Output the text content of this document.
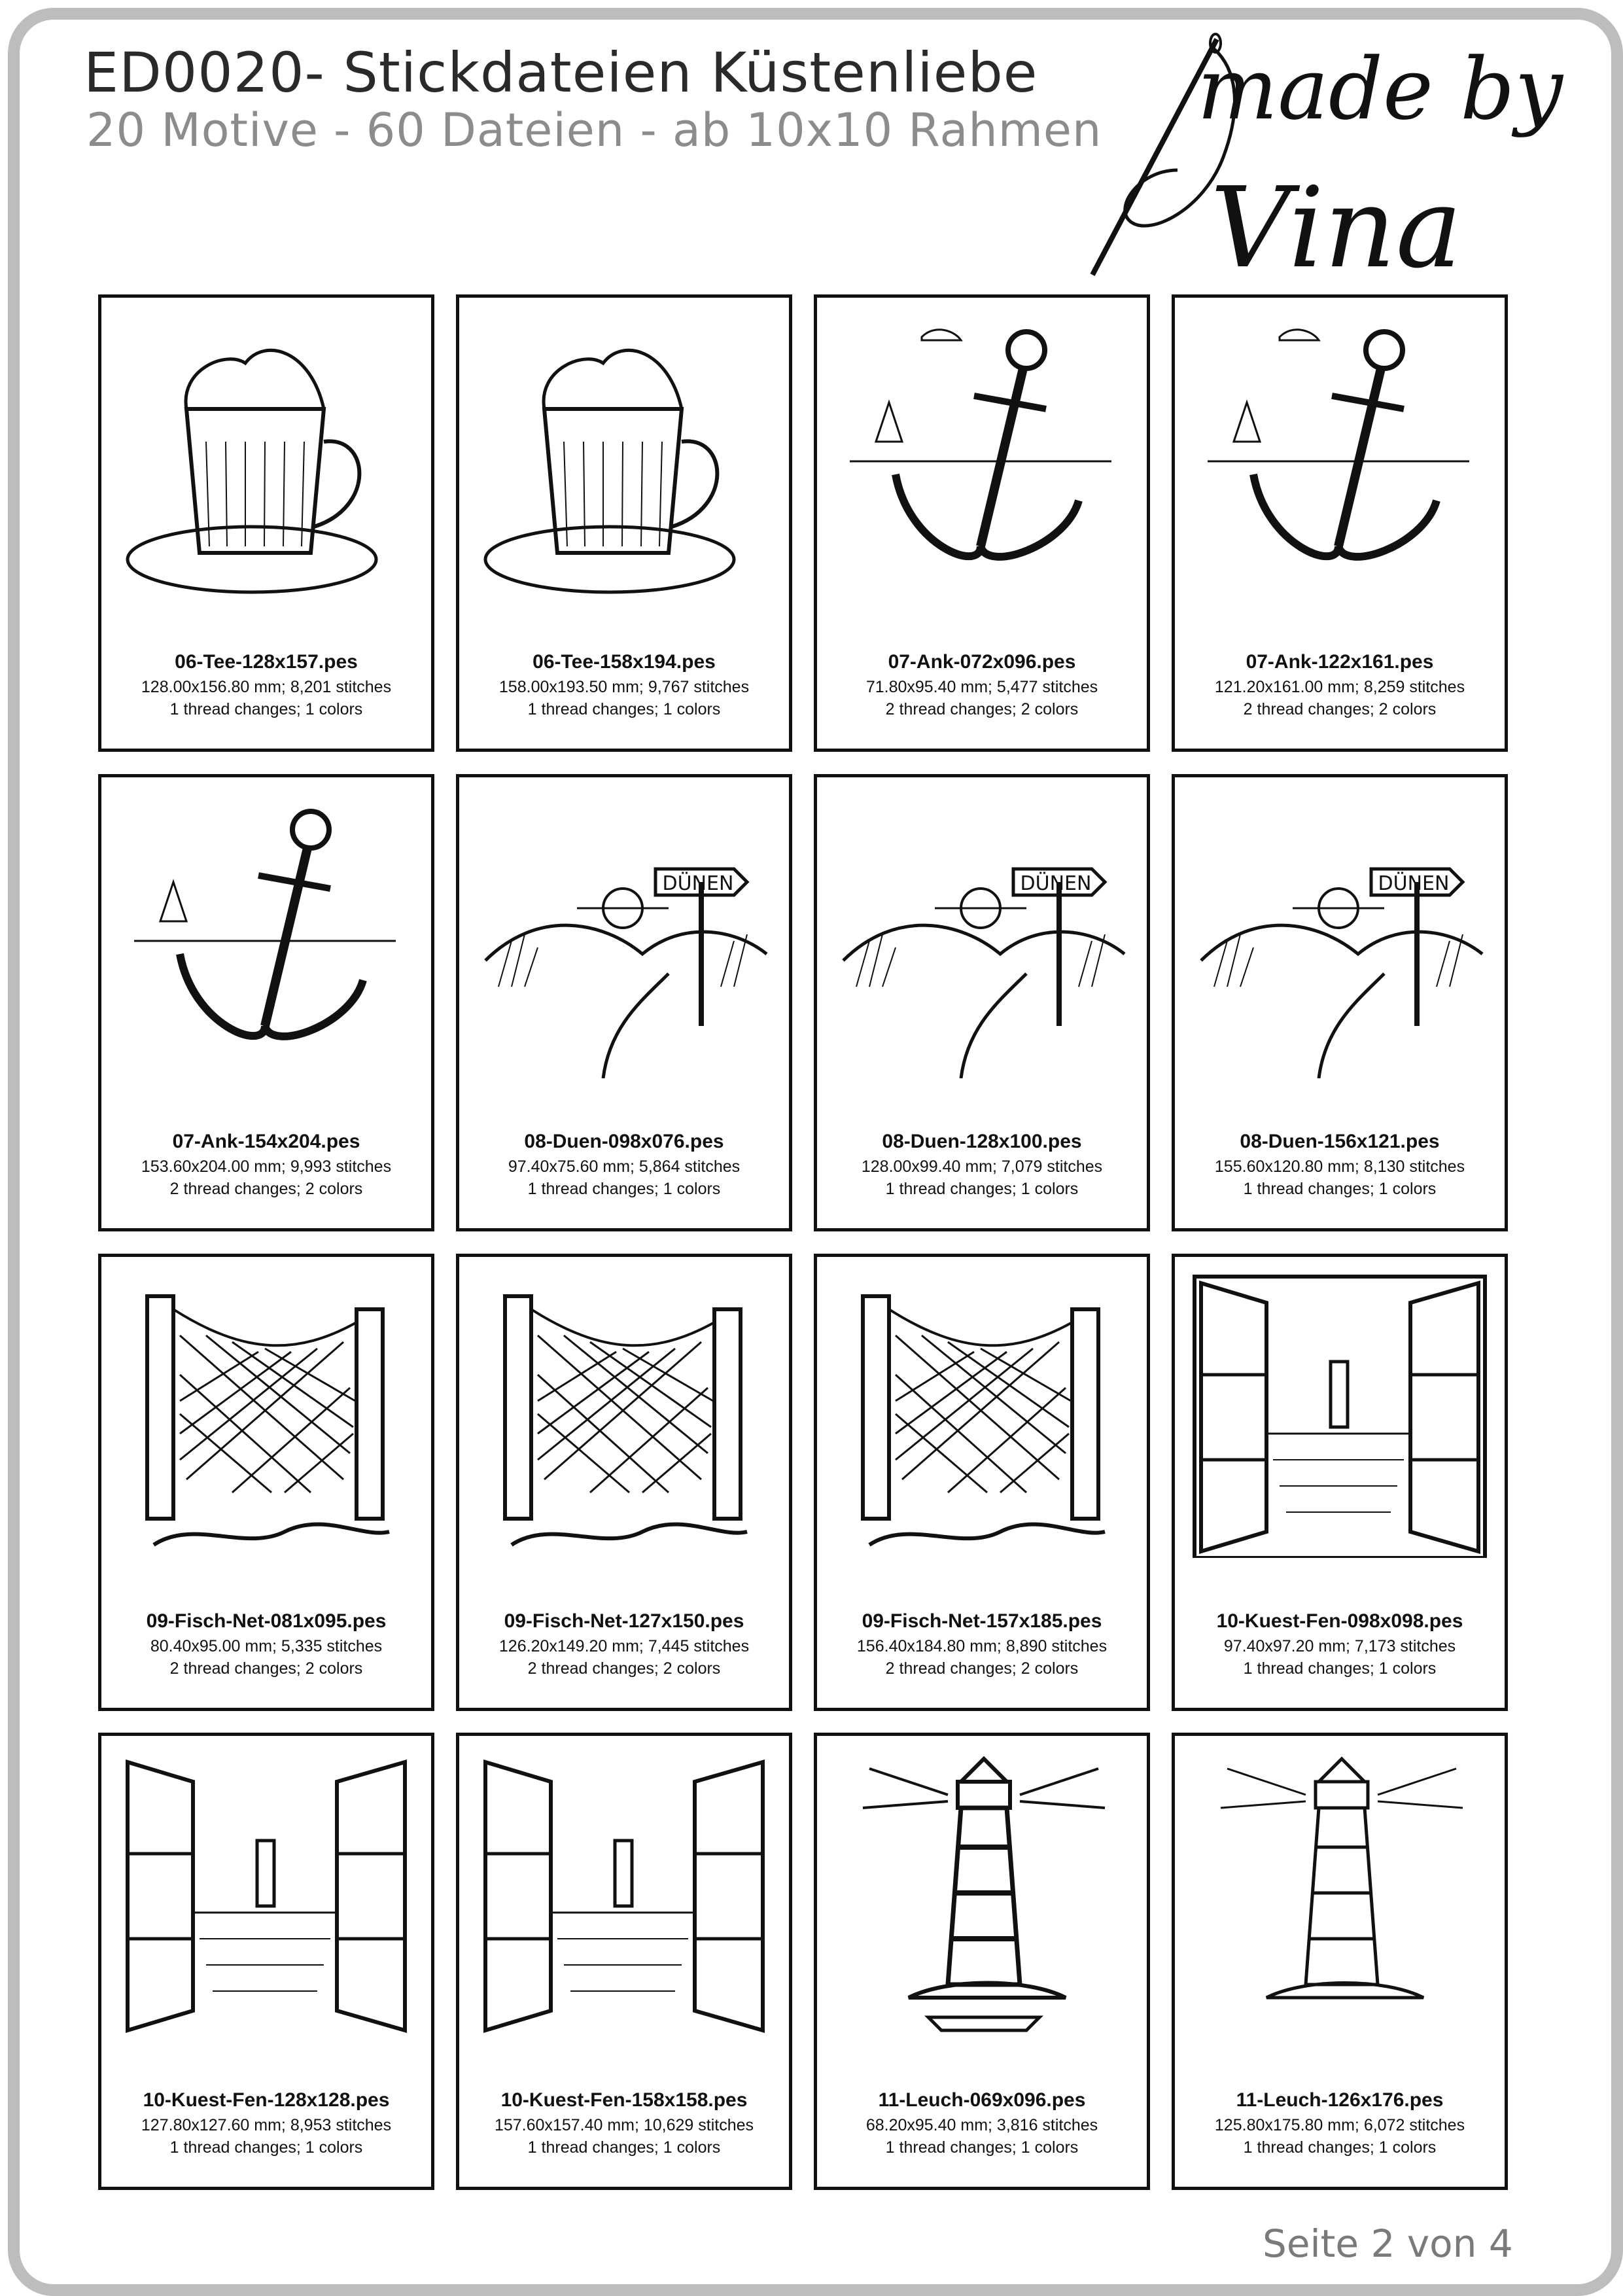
ED0020- Stickdateien Küstenliebe
20 Motive - 60 Dateien - ab 10x10 Rahmen made by
Vina
06-Tee-128x157.pes
128.00x156.80 mm; 8,201 stitches
1 thread changes; 1 colors
06-Tee-158x194.pes
158.00x193.50 mm; 9,767 stitches
1 thread changes; 1 colors
07-Ank-072x096.pes
71.80x95.40 mm; 5,477 stitches
2 thread changes; 2 colors
07-Ank-122x161.pes
121.20x161.00 mm; 8,259 stitches
2 thread changes; 2 colors
07-Ank-154x204.pes
153.60x204.00 mm; 9,993 stitches
2 thread changes; 2 colors
DÜNEN
08-Duen-098x076.pes
97.40x75.60 mm; 5,864 stitches
1 thread changes; 1 colors
DÜNEN
08-Duen-128x100.pes
128.00x99.40 mm; 7,079 stitches
1 thread changes; 1 colors
DÜNEN
08-Duen-156x121.pes
155.60x120.80 mm; 8,130 stitches
1 thread changes; 1 colors
09-Fisch-Net-081x095.pes
80.40x95.00 mm; 5,335 stitches
2 thread changes; 2 colors
09-Fisch-Net-127x150.pes
126.20x149.20 mm; 7,445 stitches
2 thread changes; 2 colors
09-Fisch-Net-157x185.pes
156.40x184.80 mm; 8,890 stitches
2 thread changes; 2 colors
10-Kuest-Fen-098x098.pes
97.40x97.20 mm; 7,173 stitches
1 thread changes; 1 colors
10-Kuest-Fen-128x128.pes
127.80x127.60 mm; 8,953 stitches
1 thread changes; 1 colors
10-Kuest-Fen-158x158.pes
157.60x157.40 mm; 10,629 stitches
1 thread changes; 1 colors
11-Leuch-069x096.pes
68.20x95.40 mm; 3,816 stitches
1 thread changes; 1 colors
11-Leuch-126x176.pes
125.80x175.80 mm; 6,072 stitches
1 thread changes; 1 colors
Seite 2 von 4
